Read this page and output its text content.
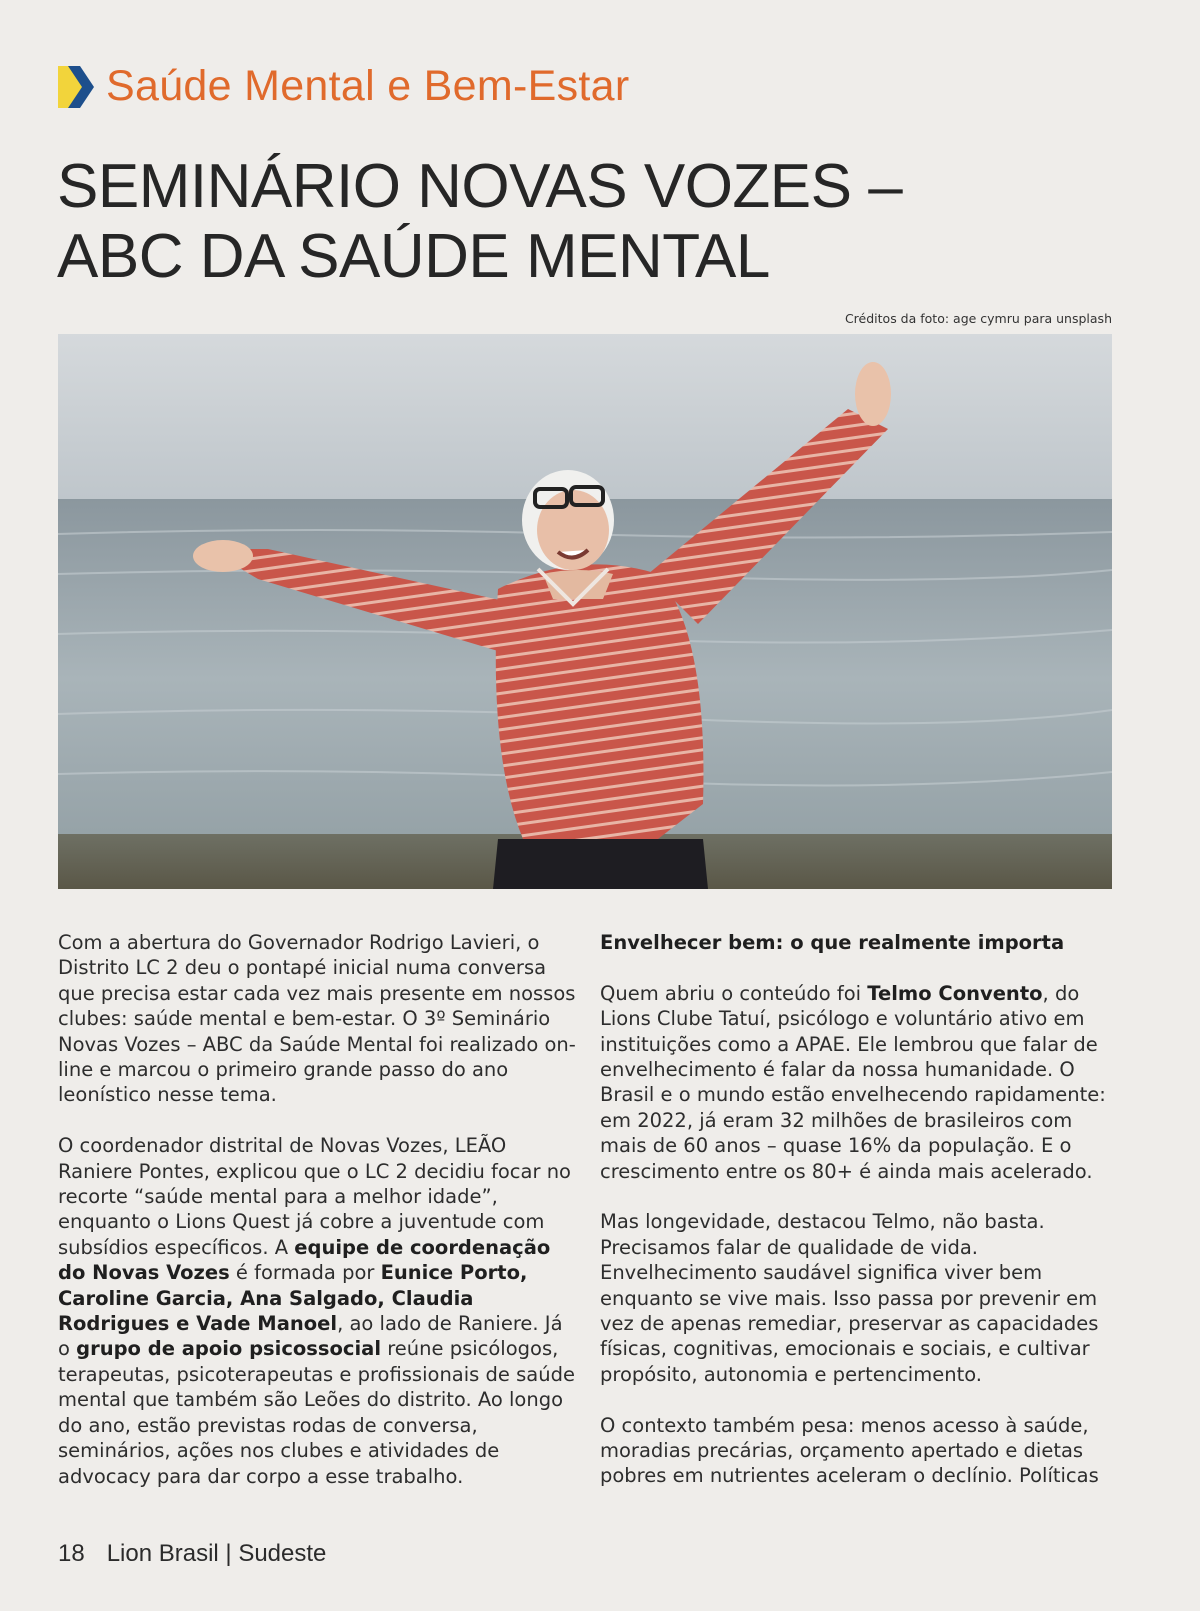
Saúde Mental e Bem-Estar
SEMINÁRIO NOVAS VOZES –
ABC DA SAÚDE MENTAL
Créditos da foto: age cymru para unsplash

Com a abertura do Governador Rodrigo Lavieri, o Distrito LC 2 deu o pontapé inicial numa conversa que precisa estar cada vez mais presente em nossos clubes: saúde mental e bem-estar. O 3º Seminário Novas Vozes – ABC da Saúde Mental foi realizado on-line e marcou o primeiro grande passo do ano leonístico nesse tema.

O coordenador distrital de Novas Vozes, LEÃO Raniere Pontes, explicou que o LC 2 decidiu focar no recorte “saúde mental para a melhor idade”, enquanto o Lions Quest já cobre a juventude com subsídios específicos. A equipe de coordenação do Novas Vozes é formada por Eunice Porto, Caroline Garcia, Ana Salgado, Claudia Rodrigues e Vade Manoel, ao lado de Raniere. Já o grupo de apoio psicossocial reúne psicólogos, terapeutas, psicoterapeutas e profissionais de saúde mental que também são Leões do distrito. Ao longo do ano, estão previstas rodas de conversa, seminários, ações nos clubes e atividades de advocacy para dar corpo a esse trabalho.

Envelhecer bem: o que realmente importa

Quem abriu o conteúdo foi Telmo Convento, do Lions Clube Tatuí, psicólogo e voluntário ativo em instituições como a APAE. Ele lembrou que falar de envelhecimento é falar da nossa humanidade. O Brasil e o mundo estão envelhecendo rapidamente: em 2022, já eram 32 milhões de brasileiros com mais de 60 anos – quase 16% da população. E o crescimento entre os 80+ é ainda mais acelerado.

Mas longevidade, destacou Telmo, não basta. Precisamos falar de qualidade de vida. Envelhecimento saudável significa viver bem enquanto se vive mais. Isso passa por prevenir em vez de apenas remediar, preservar as capacidades físicas, cognitivas, emocionais e sociais, e cultivar propósito, autonomia e pertencimento.

O contexto também pesa: menos acesso à saúde, moradias precárias, orçamento apertado e dietas pobres em nutrientes aceleram o declínio. Políticas

18 Lion Brasil | Sudeste
